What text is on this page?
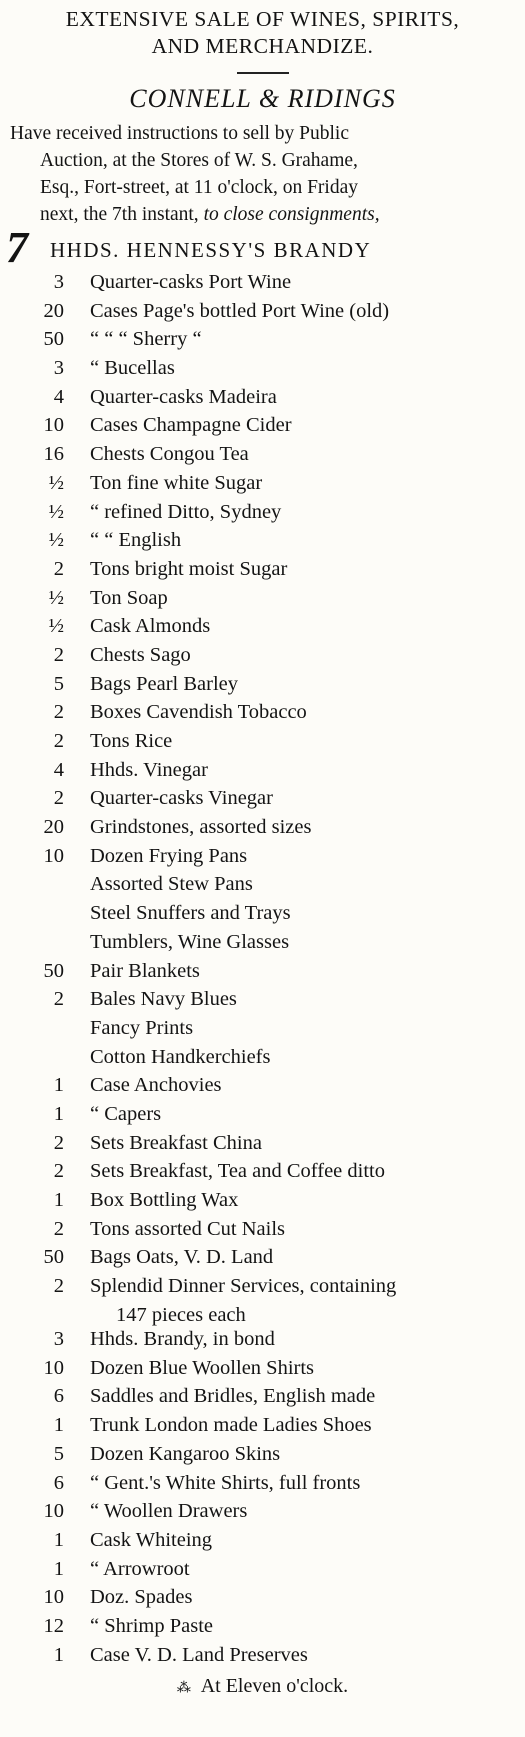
EXTENSIVE SALE OF WINES, SPIRITS,
AND MERCHANDIZE.
CONNELL & RIDINGS
Have received instructions to sell by Public
Auction, at the Stores of W. S. Grahame,
Esq., Fort-street, at 11 o'clock, on Friday
next, the 7th instant, to close consignments,
7 HHDS. HENNESSY'S BRANDY
3 Quarter-casks Port Wine
20 Cases Page's bottled Port Wine (old)
50 “ “ “ Sherry “
3 “ Bucellas
4 Quarter-casks Madeira
10 Cases Champagne Cider
16 Chests Congou Tea
½ Ton fine white Sugar
½ “ refined Ditto, Sydney
½ “ “ English
2 Tons bright moist Sugar
½ Ton Soap
½ Cask Almonds
2 Chests Sago
5 Bags Pearl Barley
2 Boxes Cavendish Tobacco
2 Tons Rice
4 Hhds. Vinegar
2 Quarter-casks Vinegar
20 Grindstones, assorted sizes
10 Dozen Frying Pans
Assorted Stew Pans
Steel Snuffers and Trays
Tumblers, Wine Glasses
50 Pair Blankets
2 Bales Navy Blues
Fancy Prints
Cotton Handkerchiefs
1 Case Anchovies
1 “ Capers
2 Sets Breakfast China
2 Sets Breakfast, Tea and Coffee ditto
1 Box Bottling Wax
2 Tons assorted Cut Nails
50 Bags Oats, V. D. Land
2 Splendid Dinner Services, containing
147 pieces each
3 Hhds. Brandy, in bond
10 Dozen Blue Woollen Shirts
6 Saddles and Bridles, English made
1 Trunk London made Ladies Shoes
5 Dozen Kangaroo Skins
6 “ Gent.'s White Shirts, full fronts
10 “ Woollen Drawers
1 Cask Whiteing
1 “ Arrowroot
10 Doz. Spades
12 “ Shrimp Paste
1 Case V. D. Land Preserves
⁂ At Eleven o'clock.
